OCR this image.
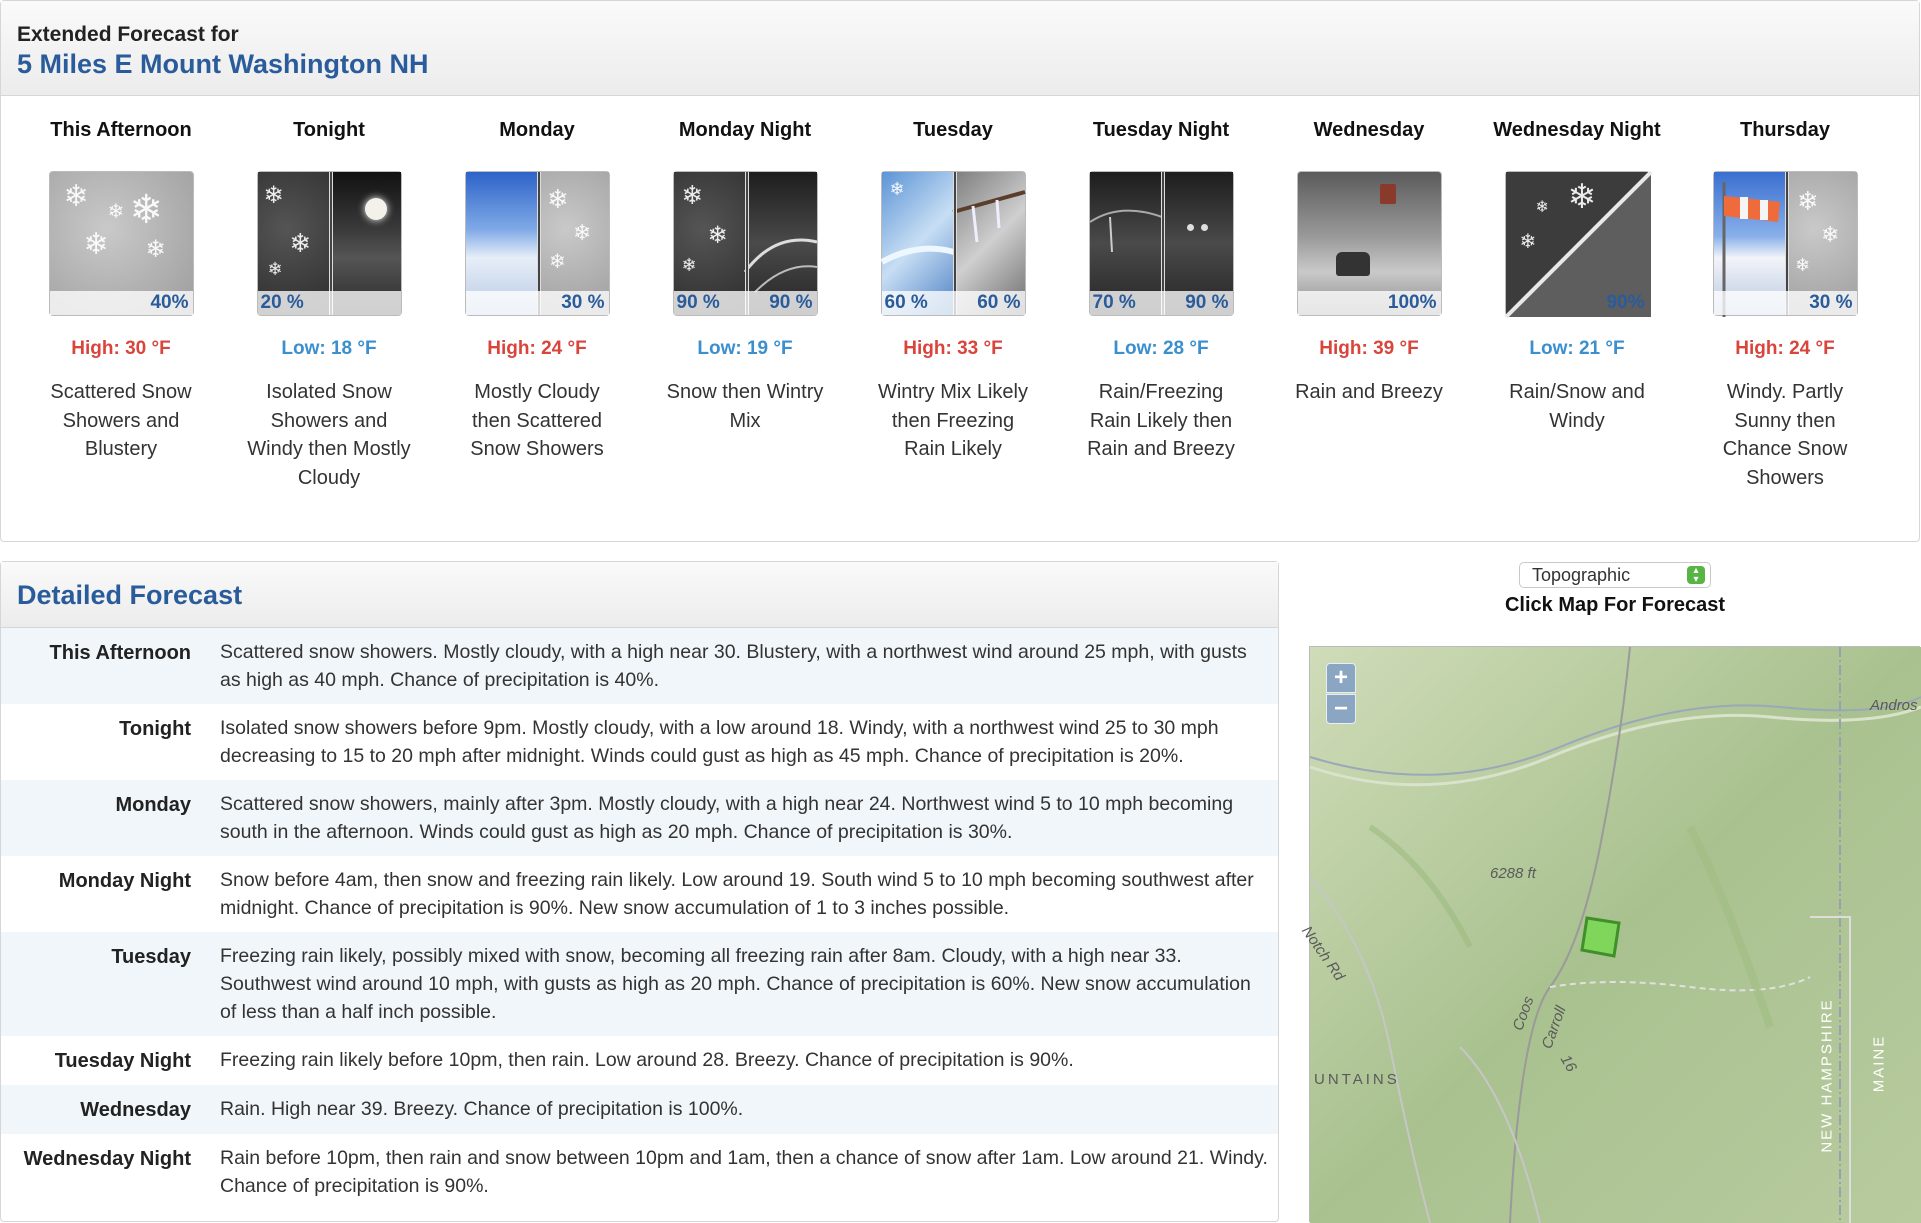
Extended Forecast for
5 Miles E Mount Washington NH
This Afternoon
❄ ❄
❄ ❄
❄
40%
High: 30 °F
Scattered Snow Showers and Blustery
Tonight
❄
❄
❄
20 %
Low: 18 °F
Isolated Snow Showers and Windy then Mostly Cloudy
Monday
❄
❄
❄
30 %
High: 24 °F
Mostly Cloudy then Scattered Snow Showers
Monday Night
❄
❄
❄
90 %	90 %
Low: 19 °F
Snow then Wintry Mix
Tuesday
❄
60 %	60 %
High: 33 °F
Wintry Mix Likely then Freezing Rain Likely
Tuesday Night
70 %	90 %
Low: 28 °F
Rain/Freezing Rain Likely then Rain and Breezy
Wednesday
100%
High: 39 °F
Rain and Breezy
Wednesday Night
❄
❄
❄
90%
Low: 21 °F
Rain/Snow and Windy
Thursday
❄
❄
❄
30 %
High: 24 °F
Windy. Partly Sunny then Chance Snow Showers
Detailed Forecast
This Afternoon Scattered snow showers. Mostly cloudy, with a high near 30. Blustery, with a northwest wind around 25 mph, with gusts as high as 40 mph. Chance of precipitation is 40%.
Tonight Isolated snow showers before 9pm. Mostly cloudy, with a low around 18. Windy, with a northwest wind 25 to 30 mph decreasing to 15 to 20 mph after midnight. Winds could gust as high as 45 mph. Chance of precipitation is 20%.
Monday Scattered snow showers, mainly after 3pm. Mostly cloudy, with a high near 24. Northwest wind 5 to 10 mph becoming south in the afternoon. Winds could gust as high as 20 mph. Chance of precipitation is 30%.
Monday Night Snow before 4am, then snow and freezing rain likely. Low around 19. South wind 5 to 10 mph becoming southwest after midnight. Chance of precipitation is 90%. New snow accumulation of 1 to 3 inches possible.
Tuesday Freezing rain likely, possibly mixed with snow, becoming all freezing rain after 8am. Cloudy, with a high near 33. Southwest wind around 10 mph, with gusts as high as 20 mph. Chance of precipitation is 60%. New snow accumulation of less than a half inch possible.
Tuesday Night Freezing rain likely before 10pm, then rain. Low around 28. Breezy. Chance of precipitation is 90%.
Wednesday Rain. High near 39. Breezy. Chance of precipitation is 100%.
Wednesday Night Rain before 10pm, then rain and snow between 10pm and 1am, then a chance of snow after 1am. Low around 21. Windy. Chance of precipitation is 90%.
Topographic	▴
▾
Click Map For Forecast
+
−
6288 ft
Notch Rd
Coos Carroll
16
UNTAINS	NEW HAMPSHIRE MAINE
Andros
